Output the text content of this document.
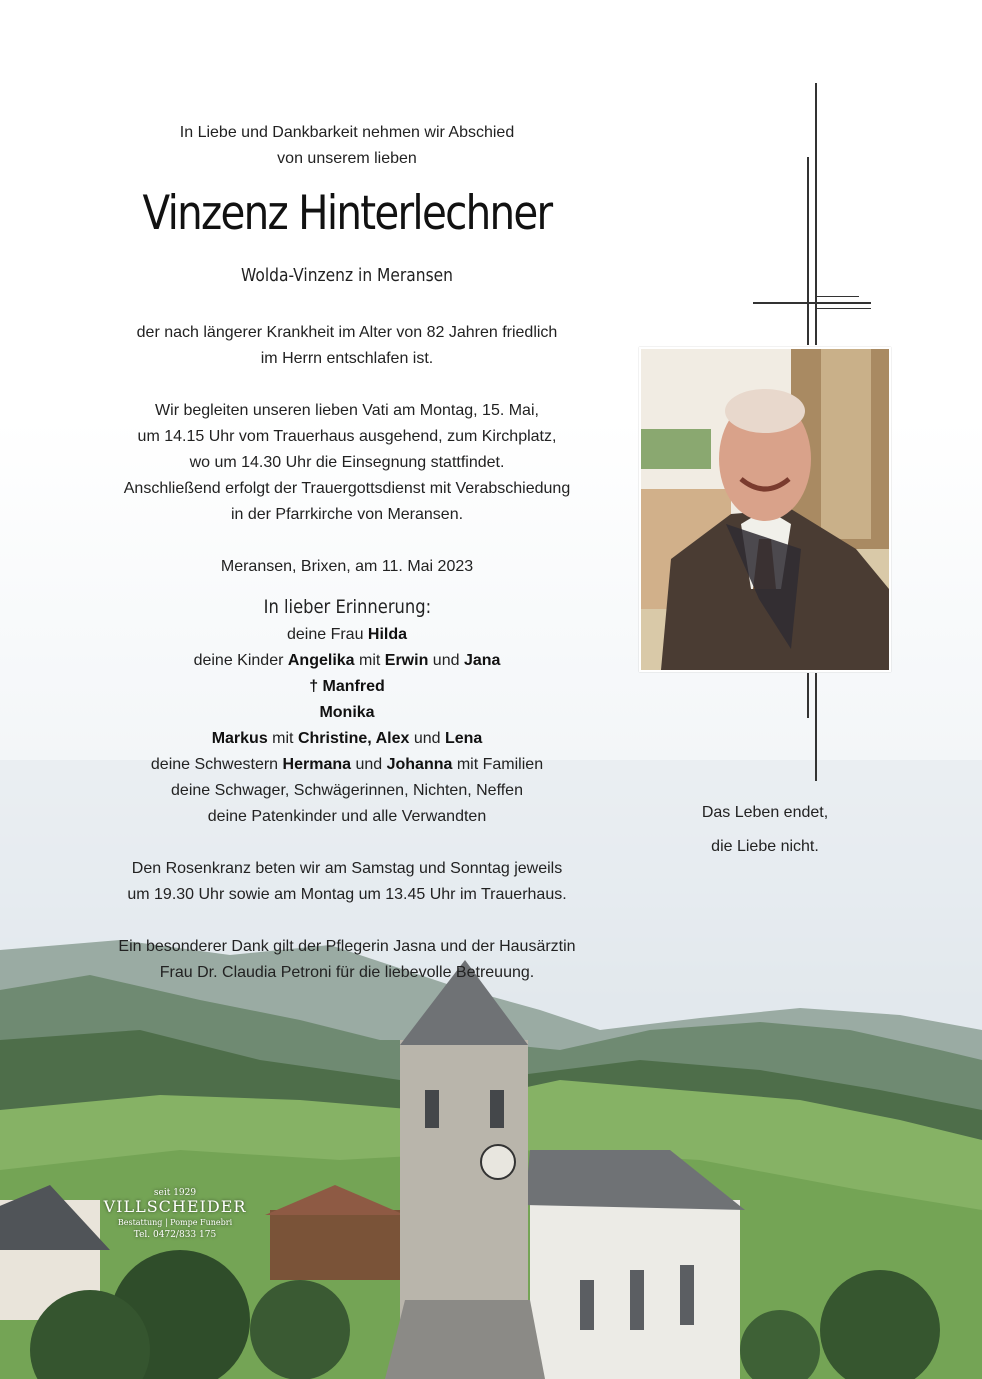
In Liebe und Dankbarkeit nehmen wir Abschied
von unserem lieben
Vinzenz Hinterlechner
Wolda-Vinzenz in Meransen

der nach längerer Krankheit im Alter von 82 Jahren friedlich
im Herrn entschlafen ist.

Wir begleiten unseren lieben Vati am Montag, 15. Mai,
um 14.15 Uhr vom Trauerhaus ausgehend, zum Kirchplatz,
wo um 14.30 Uhr die Einsegnung stattfindet.
Anschließend erfolgt der Trauergottsdienst mit Verabschiedung
in der Pfarrkirche von Meransen.

Meransen, Brixen, am 11. Mai 2023

In lieber Erinnerung:
deine Frau Hilda
deine Kinder Angelika mit Erwin und Jana
† Manfred
Monika
Markus mit Christine, Alex und Lena
deine Schwestern Hermana und Johanna mit Familien
deine Schwager, Schwägerinnen, Nichten, Neffen
deine Patenkinder und alle Verwandten

Den Rosenkranz beten wir am Samstag und Sonntag jeweils
um 19.30 Uhr sowie am Montag um 13.45 Uhr im Trauerhaus.

Ein besonderer Dank gilt der Pflegerin Jasna und der Hausärztin
Frau Dr. Claudia Petroni für die liebevolle Betreuung.

Das Leben endet,
die Liebe nicht.
seit 1929
VILLSCHEIDER
Bestattung | Pompe Funebri
Tel. 0472/833 175
